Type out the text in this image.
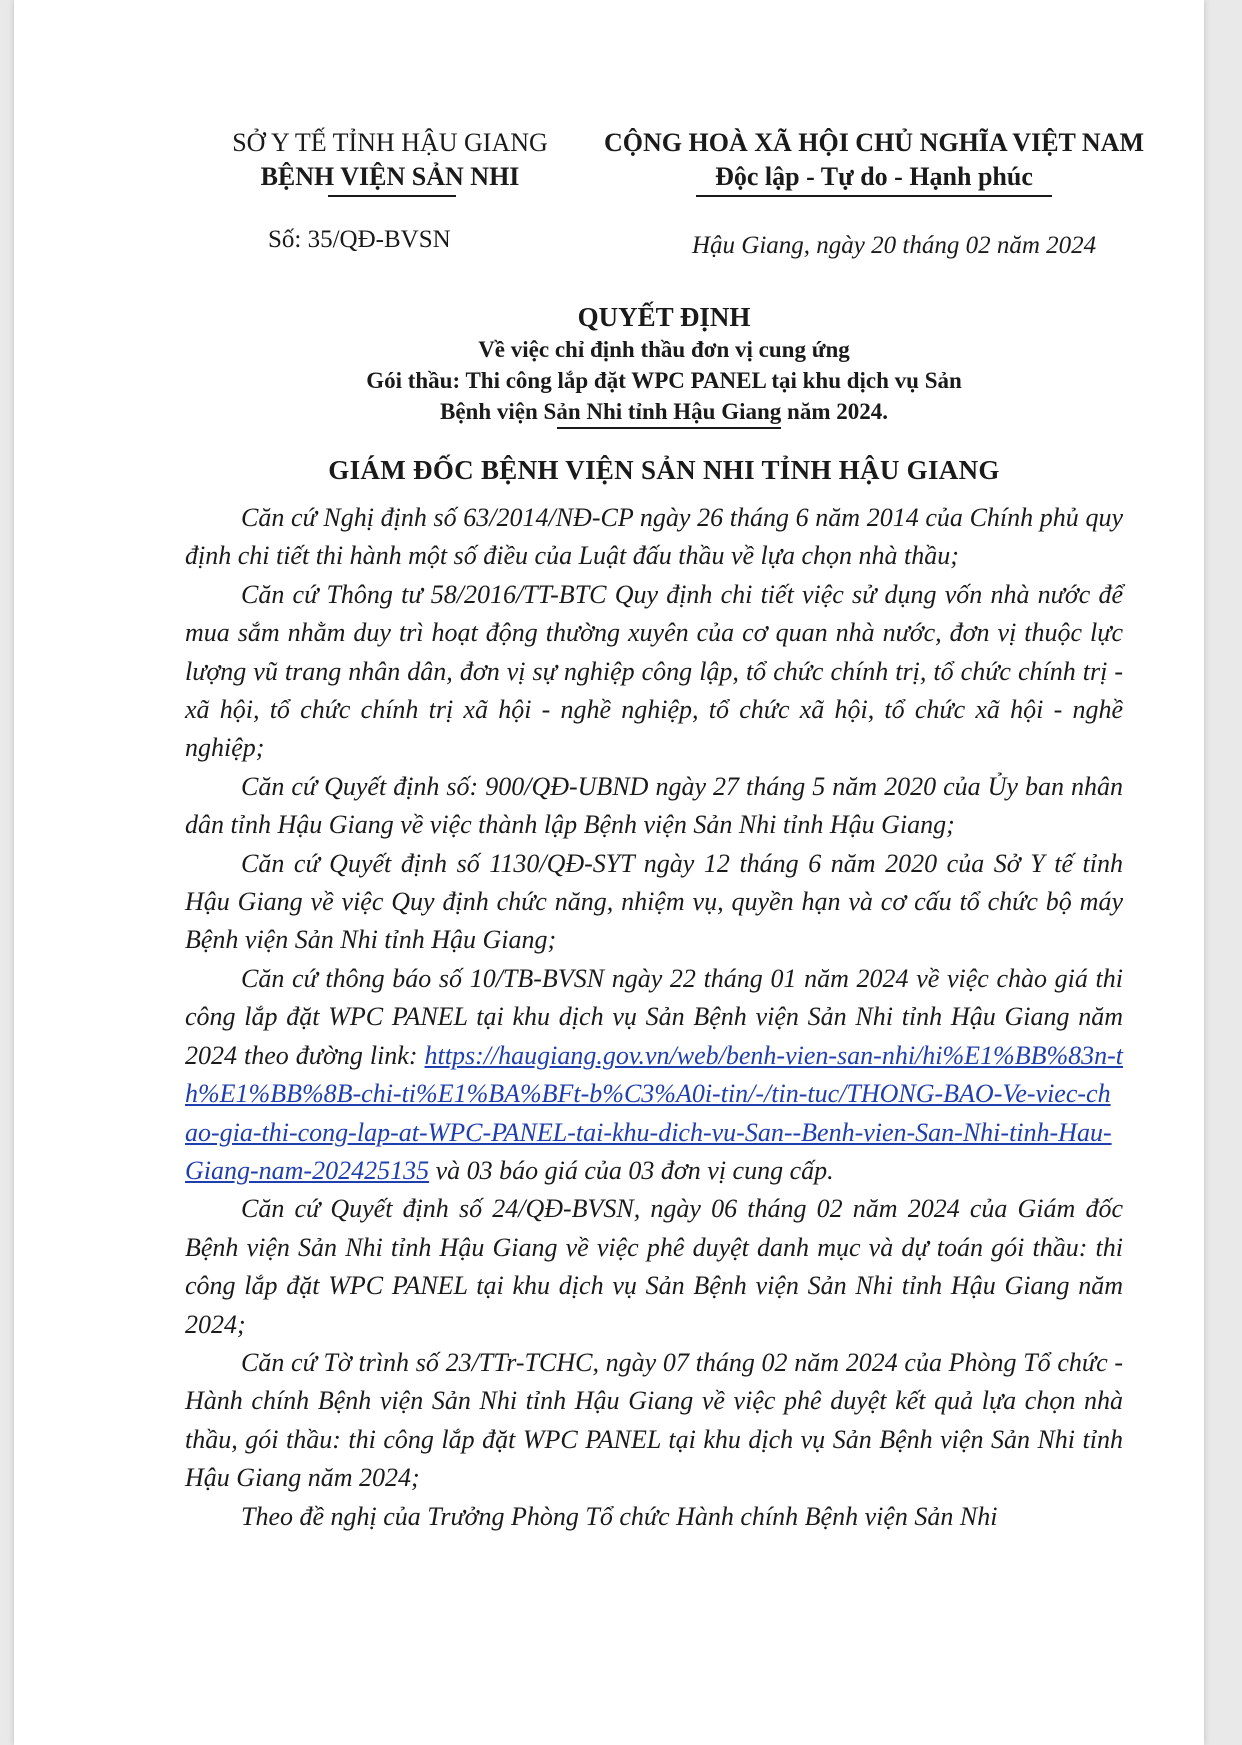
SỞ Y TẾ TỈNH HẬU GIANG
BỆNH VIỆN SẢN NHI
CỘNG HOÀ XÃ HỘI CHỦ NGHĨA VIỆT NAM
Độc lập - Tự do - Hạnh phúc
Số: 35/QĐ-BVSN	Hậu Giang, ngày 20 tháng 02 năm 2024
QUYẾT ĐỊNH
Về việc chỉ định thầu đơn vị cung ứng
Gói thầu: Thi công lắp đặt WPC PANEL tại khu dịch vụ Sản
Bệnh viện Sản Nhi tỉnh Hậu Giang năm 2024.
GIÁM ĐỐC BỆNH VIỆN SẢN NHI TỈNH HẬU GIANG

Căn cứ Nghị định số 63/2014/NĐ-CP ngày 26 tháng 6 năm 2014 của Chính phủ quy định chi tiết thi hành một số điều của Luật đấu thầu về lựa chọn nhà thầu;

Căn cứ Thông tư 58/2016/TT-BTC Quy định chi tiết việc sử dụng vốn nhà nước để mua sắm nhằm duy trì hoạt động thường xuyên của cơ quan nhà nước, đơn vị thuộc lực lượng vũ trang nhân dân, đơn vị sự nghiệp công lập, tổ chức chính trị, tổ chức chính trị - xã hội, tổ chức chính trị xã hội - nghề nghiệp, tổ chức xã hội, tổ chức xã hội - nghề nghiệp;

Căn cứ Quyết định số: 900/QĐ-UBND ngày 27 tháng 5 năm 2020 của Ủy ban nhân dân tỉnh Hậu Giang về việc thành lập Bệnh viện Sản Nhi tỉnh Hậu Giang;

Căn cứ Quyết định số 1130/QĐ-SYT ngày 12 tháng 6 năm 2020 của Sở Y tế tỉnh Hậu Giang về việc Quy định chức năng, nhiệm vụ, quyền hạn và cơ cấu tổ chức bộ máy Bệnh viện Sản Nhi tỉnh Hậu Giang;

Căn cứ thông báo số 10/TB-BVSN ngày 22 tháng 01 năm 2024 về việc chào giá thi công lắp đặt WPC PANEL tại khu dịch vụ Sản Bệnh viện Sản Nhi tỉnh Hậu Giang năm 2024 theo đường link: https://haugiang.gov.vn/web/benh-vien-san-nhi/hi%E1%BB%83n-th%E1%BB%8B-chi-ti%E1%BA%BFt-b%C3%A0i-tin/-/tin-tuc/THONG-BAO-Ve-viec-chao-gia-thi-cong-lap-at-WPC-PANEL-tai-khu-dich-vu-San--Benh-vien-San-Nhi-tinh-Hau-Giang-nam-202425135 và 03 báo giá của 03 đơn vị cung cấp.

Căn cứ Quyết định số 24/QĐ-BVSN, ngày 06 tháng 02 năm 2024 của Giám đốc Bệnh viện Sản Nhi tỉnh Hậu Giang về việc phê duyệt danh mục và dự toán gói thầu: thi công lắp đặt WPC PANEL tại khu dịch vụ Sản Bệnh viện Sản Nhi tỉnh Hậu Giang năm 2024;

Căn cứ Tờ trình số 23/TTr-TCHC, ngày 07 tháng 02 năm 2024 của Phòng Tổ chức - Hành chính Bệnh viện Sản Nhi tỉnh Hậu Giang về việc phê duyệt kết quả lựa chọn nhà thầu, gói thầu: thi công lắp đặt WPC PANEL tại khu dịch vụ Sản Bệnh viện Sản Nhi tỉnh Hậu Giang năm 2024;

Theo đề nghị của Trưởng Phòng Tổ chức Hành chính Bệnh viện Sản Nhi
